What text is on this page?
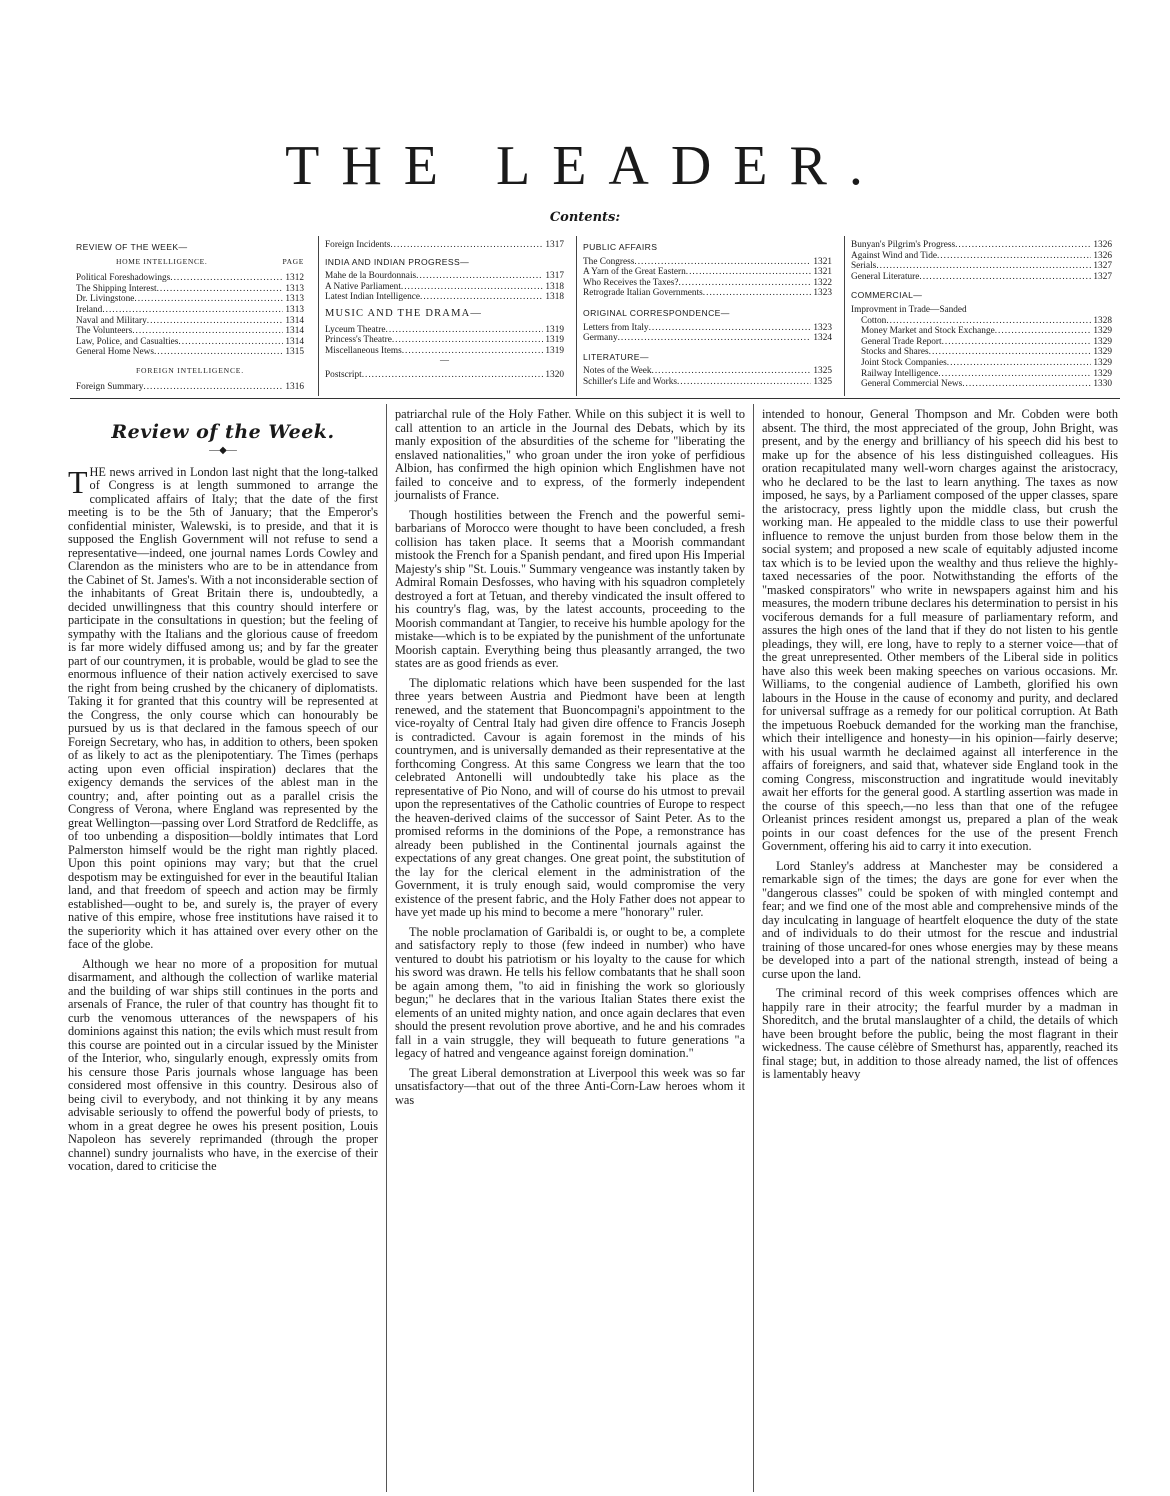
THE LEADER.
Contents:
REVIEW OF THE WEEK—
HOME INTELLIGENCE.	PAGE
Political Foreshadowings .....	1312
The Shipping Interest .....	1313
Dr. Livingstone .....	1313
Ireland .....	1313
Naval and Military .....	1314
The Volunteers .....	1314
Law, Police, and Casualties .....	1314
General Home News .....	1315
FOREIGN INTELLIGENCE.
Foreign Summary .....	1316
Foreign Incidents .....	1317
INDIA AND INDIAN PROGRESS—
Mahe de la Bourdonnais .....	1317
A Native Parliament .....	1318
Latest Indian Intelligence .....	1318
MUSIC AND THE DRAMA—
Lyceum Theatre .....	1319
Princess's Theatre .....	1319
Miscellaneous Items .....	1319
—
Postscript .....	1320
PUBLIC AFFAIRS
The Congress .....	1321
A Yarn of the Great Eastern .....	1321
Who Receives the Taxes? .....	1322
Retrograde Italian Governments .....	1323
ORIGINAL CORRESPONDENCE—
Letters from Italy .....	1323
Germany .....	1324
LITERATURE—
Notes of the Week .....	1325
Schiller's Life and Works .....	1325
Bunyan's Pilgrim's Progress .....	1326
Against Wind and Tide .....	1326
Serials .....	1327
General Literature .....	1327
COMMERCIAL—
Improvment in Trade—Sanded
Cotton .....	1328
Money Market and Stock Exchange .....	1329
General Trade Report .....	1329
Stocks and Shares .....	1329
Joint Stock Companies .....	1329
Railway Intelligence .....	1329
General Commercial News .....	1330
Review of the Week.
—◆—

THE news arrived in London last night that the long-talked of Congress is at length summoned to arrange the complicated affairs of Italy; that the date of the first meeting is to be the 5th of January; that the Emperor's confidential minister, Walewski, is to preside, and that it is supposed the English Government will not refuse to send a representative—indeed, one journal names Lords Cowley and Clarendon as the ministers who are to be in attendance from the Cabinet of St. James's. With a not inconsiderable section of the inhabitants of Great Britain there is, undoubtedly, a decided unwillingness that this country should interfere or participate in the consultations in question; but the feeling of sympathy with the Italians and the glorious cause of freedom is far more widely diffused among us; and by far the greater part of our countrymen, it is probable, would be glad to see the enormous influence of their nation actively exercised to save the right from being crushed by the chicanery of diplomatists. Taking it for granted that this country will be represented at the Congress, the only course which can honourably be pursued by us is that declared in the famous speech of our Foreign Secretary, who has, in addition to others, been spoken of as likely to act as the plenipotentiary. The Times (perhaps acting upon even official inspiration) declares that the exigency demands the services of the ablest man in the country; and, after pointing out as a parallel crisis the Congress of Verona, where England was represented by the great Wellington—passing over Lord Stratford de Redcliffe, as of too unbending a disposition—boldly intimates that Lord Palmerston himself would be the right man rightly placed. Upon this point opinions may vary; but that the cruel despotism may be extinguished for ever in the beautiful Italian land, and that freedom of speech and action may be firmly established—ought to be, and surely is, the prayer of every native of this empire, whose free institutions have raised it to the superiority which it has attained over every other on the face of the globe.

Although we hear no more of a proposition for mutual disarmament, and although the collection of warlike material and the building of war ships still continues in the ports and arsenals of France, the ruler of that country has thought fit to curb the venomous utterances of the newspapers of his dominions against this nation; the evils which must result from this course are pointed out in a circular issued by the Minister of the Interior, who, singularly enough, expressly omits from his censure those Paris journals whose language has been considered most offensive in this country. Desirous also of being civil to everybody, and not thinking it by any means advisable seriously to offend the powerful body of priests, to whom in a great degree he owes his present position, Louis Napoleon has severely reprimanded (through the proper channel) sundry journalists who have, in the exercise of their vocation, dared to criticise the

patriarchal rule of the Holy Father. While on this subject it is well to call attention to an article in the Journal des Debats, which by its manly exposition of the absurdities of the scheme for "liberating the enslaved nationalities," who groan under the iron yoke of perfidious Albion, has confirmed the high opinion which Englishmen have not failed to conceive and to express, of the formerly independent journalists of France.

Though hostilities between the French and the powerful semi-barbarians of Morocco were thought to have been concluded, a fresh collision has taken place. It seems that a Moorish commandant mistook the French for a Spanish pendant, and fired upon His Imperial Majesty's ship "St. Louis." Summary vengeance was instantly taken by Admiral Romain Desfosses, who having with his squadron completely destroyed a fort at Tetuan, and thereby vindicated the insult offered to his country's flag, was, by the latest accounts, proceeding to the Moorish commandant at Tangier, to receive his humble apology for the mistake—which is to be expiated by the punishment of the unfortunate Moorish captain. Everything being thus pleasantly arranged, the two states are as good friends as ever.

The diplomatic relations which have been suspended for the last three years between Austria and Piedmont have been at length renewed, and the statement that Buoncompagni's appointment to the vice-royalty of Central Italy had given dire offence to Francis Joseph is contradicted. Cavour is again foremost in the minds of his countrymen, and is universally demanded as their representative at the forthcoming Congress. At this same Congress we learn that the too celebrated Antonelli will undoubtedly take his place as the representative of Pio Nono, and will of course do his utmost to prevail upon the representatives of the Catholic countries of Europe to respect the heaven-derived claims of the successor of Saint Peter. As to the promised reforms in the dominions of the Pope, a remonstrance has already been published in the Continental journals against the expectations of any great changes. One great point, the substitution of the lay for the clerical element in the administration of the Government, it is truly enough said, would compromise the very existence of the present fabric, and the Holy Father does not appear to have yet made up his mind to become a mere "honorary" ruler.

The noble proclamation of Garibaldi is, or ought to be, a complete and satisfactory reply to those (few indeed in number) who have ventured to doubt his patriotism or his loyalty to the cause for which his sword was drawn. He tells his fellow combatants that he shall soon be again among them, "to aid in finishing the work so gloriously begun;" he declares that in the various Italian States there exist the elements of an united mighty nation, and once again declares that even should the present revolution prove abortive, and he and his comrades fall in a vain struggle, they will bequeath to future generations "a legacy of hatred and vengeance against foreign domination."

The great Liberal demonstration at Liverpool this week was so far unsatisfactory—that out of the three Anti-Corn-Law heroes whom it was

intended to honour, General Thompson and Mr. Cobden were both absent. The third, the most appreciated of the group, John Bright, was present, and by the energy and brilliancy of his speech did his best to make up for the absence of his less distinguished colleagues. His oration recapitulated many well-worn charges against the aristocracy, who he declared to be the last to learn anything. The taxes as now imposed, he says, by a Parliament composed of the upper classes, spare the aristocracy, press lightly upon the middle class, but crush the working man. He appealed to the middle class to use their powerful influence to remove the unjust burden from those below them in the social system; and proposed a new scale of equitably adjusted income tax which is to be levied upon the wealthy and thus relieve the highly-taxed necessaries of the poor. Notwithstanding the efforts of the "masked conspirators" who write in newspapers against him and his measures, the modern tribune declares his determination to persist in his vociferous demands for a full measure of parliamentary reform, and assures the high ones of the land that if they do not listen to his gentle pleadings, they will, ere long, have to reply to a sterner voice—that of the great unrepresented. Other members of the Liberal side in politics have also this week been making speeches on various occasions. Mr. Williams, to the congenial audience of Lambeth, glorified his own labours in the House in the cause of economy and purity, and declared for universal suffrage as a remedy for our political corruption. At Bath the impetuous Roebuck demanded for the working man the franchise, which their intelligence and honesty—in his opinion—fairly deserve; with his usual warmth he declaimed against all interference in the affairs of foreigners, and said that, whatever side England took in the coming Congress, misconstruction and ingratitude would inevitably await her efforts for the general good. A startling assertion was made in the course of this speech,—no less than that one of the refugee Orleanist princes resident amongst us, prepared a plan of the weak points in our coast defences for the use of the present French Government, offering his aid to carry it into execution.

Lord Stanley's address at Manchester may be considered a remarkable sign of the times; the days are gone for ever when the "dangerous classes" could be spoken of with mingled contempt and fear; and we find one of the most able and comprehensive minds of the day inculcating in language of heartfelt eloquence the duty of the state and of individuals to do their utmost for the rescue and industrial training of those uncared-for ones whose energies may by these means be developed into a part of the national strength, instead of being a curse upon the land.

The criminal record of this week comprises offences which are happily rare in their atrocity; the fearful murder by a madman in Shoreditch, and the brutal manslaughter of a child, the details of which have been brought before the public, being the most flagrant in their wickedness. The cause célèbre of Smethurst has, apparently, reached its final stage; but, in addition to those already named, the list of offences is lamentably heavy
